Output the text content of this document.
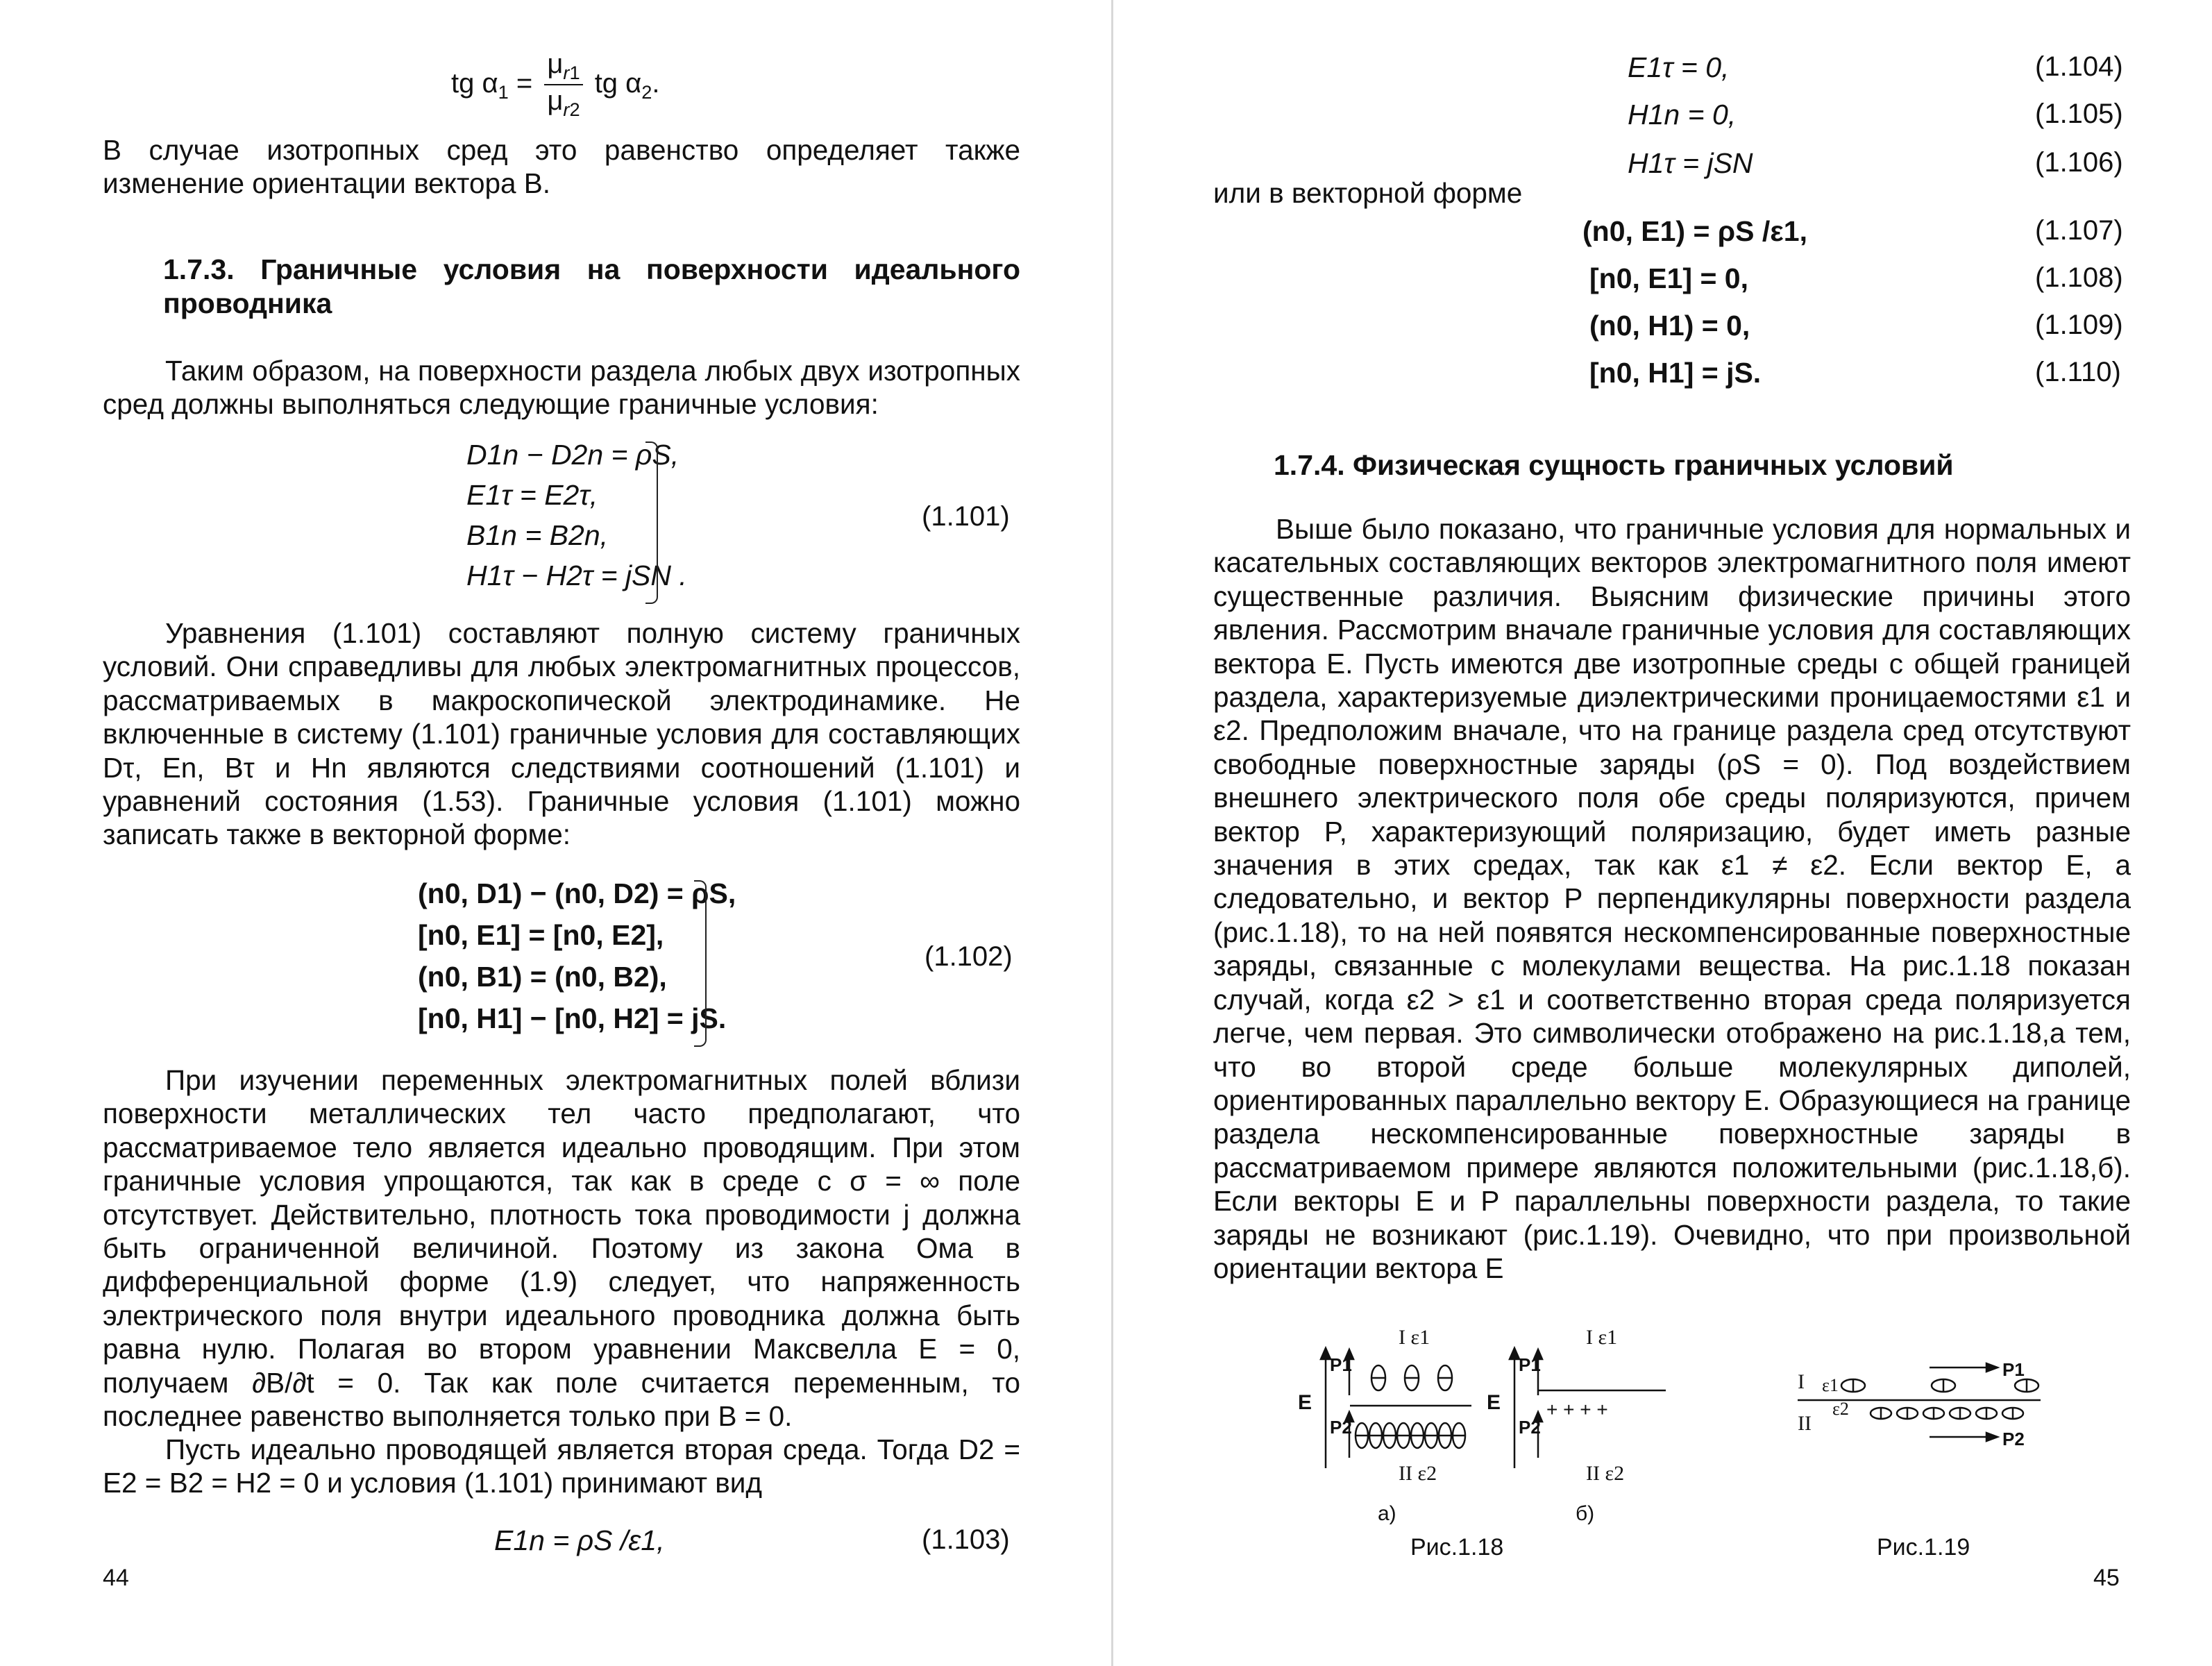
tg $\alpha_1 = \frac{\mu_{r1}}{\mu_{r2}}$ tg $\alpha_2$.

В случае изотропных сред это равенство определяет также изменение ориентации вектора В.

1.7.3. Граничные условия на поверхности идеального проводника

Таким образом, на поверхности раздела любых двух изотропных сред должны выполняться следующие граничные условия:

D1n − D2n = ρS,
E1τ = E2τ,
B1n = B2n,
H1τ − H2τ = jSN .
(1.101)

Уравнения (1.101) составляют полную систему граничных условий. Они справедливы для любых электромагнитных процессов, рассматриваемых в макроскопической электродинамике. Не включенные в систему (1.101) граничные условия для составляющих Dτ, En, Bτ и Hn являются следствиями соотношений (1.101) и уравнений состояния (1.53). Граничные условия (1.101) можно записать также в векторной форме:

(n0, D1) − (n0, D2) = ρS,
[n0, E1] = [n0, E2],
(n0, B1) = (n0, B2),
[n0, H1] − [n0, H2] = jS.
(1.102)

При изучении переменных электромагнитных полей вблизи поверхности металлических тел часто предполагают, что рассматриваемое тело является идеально проводящим. При этом граничные условия упрощаются, так как в среде с σ = ∞ поле отсутствует. Действительно, плотность тока проводимости j должна быть ограниченной величиной. Поэтому из закона Ома в дифференциальной форме (1.9) следует, что напряженность электрического поля внутри идеального проводника должна быть равна нулю. Полагая во втором уравнении Максвелла E = 0, получаем ∂B/∂t = 0. Так как поле считается переменным, то последнее равенство выполняется только при B = 0.

Пусть идеально проводящей является вторая среда. Тогда D2 = E2 = B2 = H2 = 0 и условия (1.101) принимают вид

E1n = ρS /ε1,	(1.103)
44
E1τ = 0,	(1.104)
H1n = 0,	(1.105)
H1τ = jSN	(1.106)
или в векторной форме
(n0, E1) = ρS /ε1,	(1.107)
[n0, E1] = 0,	(1.108)
(n0, H1) = 0,	(1.109)
[n0, H1] = jS.	(1.110)

1.7.4. Физическая сущность граничных условий

Выше было показано, что граничные условия для нормальных и касательных составляющих векторов электромагнитного поля имеют существенные различия. Выясним физические причины этого явления. Рассмотрим вначале граничные условия для составляющих вектора E. Пусть имеются две изотропные среды с общей границей раздела, характеризуемые диэлектрическими проницаемостями ε1 и ε2. Предположим вначале, что на границе раздела сред отсутствуют свободные поверхностные заряды (ρS = 0). Под воздействием внешнего электрического поля обе среды поляризуются, причем вектор P, характеризующий поляризацию, будет иметь разные значения в этих средах, так как ε1 ≠ ε2. Если вектор E, а следовательно, и вектор P перпендикулярны поверхности раздела (рис.1.18), то на ней появятся нескомпенсированные поверхностные заряды, связанные с молекулами вещества. На рис.1.18 показан случай, когда ε2 > ε1 и соответственно вторая среда поляризуется легче, чем первая. Это символически отображено на рис.1.18,а тем, что во второй среде больше молекулярных диполей, ориентированных параллельно вектору E. Образующиеся на границе раздела нескомпенсированные поверхностные заряды в рассматриваемом примере являются положительными (рис.1.18,б). Если векторы E и P параллельны поверхности раздела, то такие заряды не возникают (рис.1.19). Очевидно, что при произвольной ориентации вектора E

I ε1
II ε2
E
P1
P2
а)
I ε1
II ε2
+ + + +
E
P1
P2
б)
Рис.1.18
I ε1
II
ε2
P1
P2
Рис.1.19
45
